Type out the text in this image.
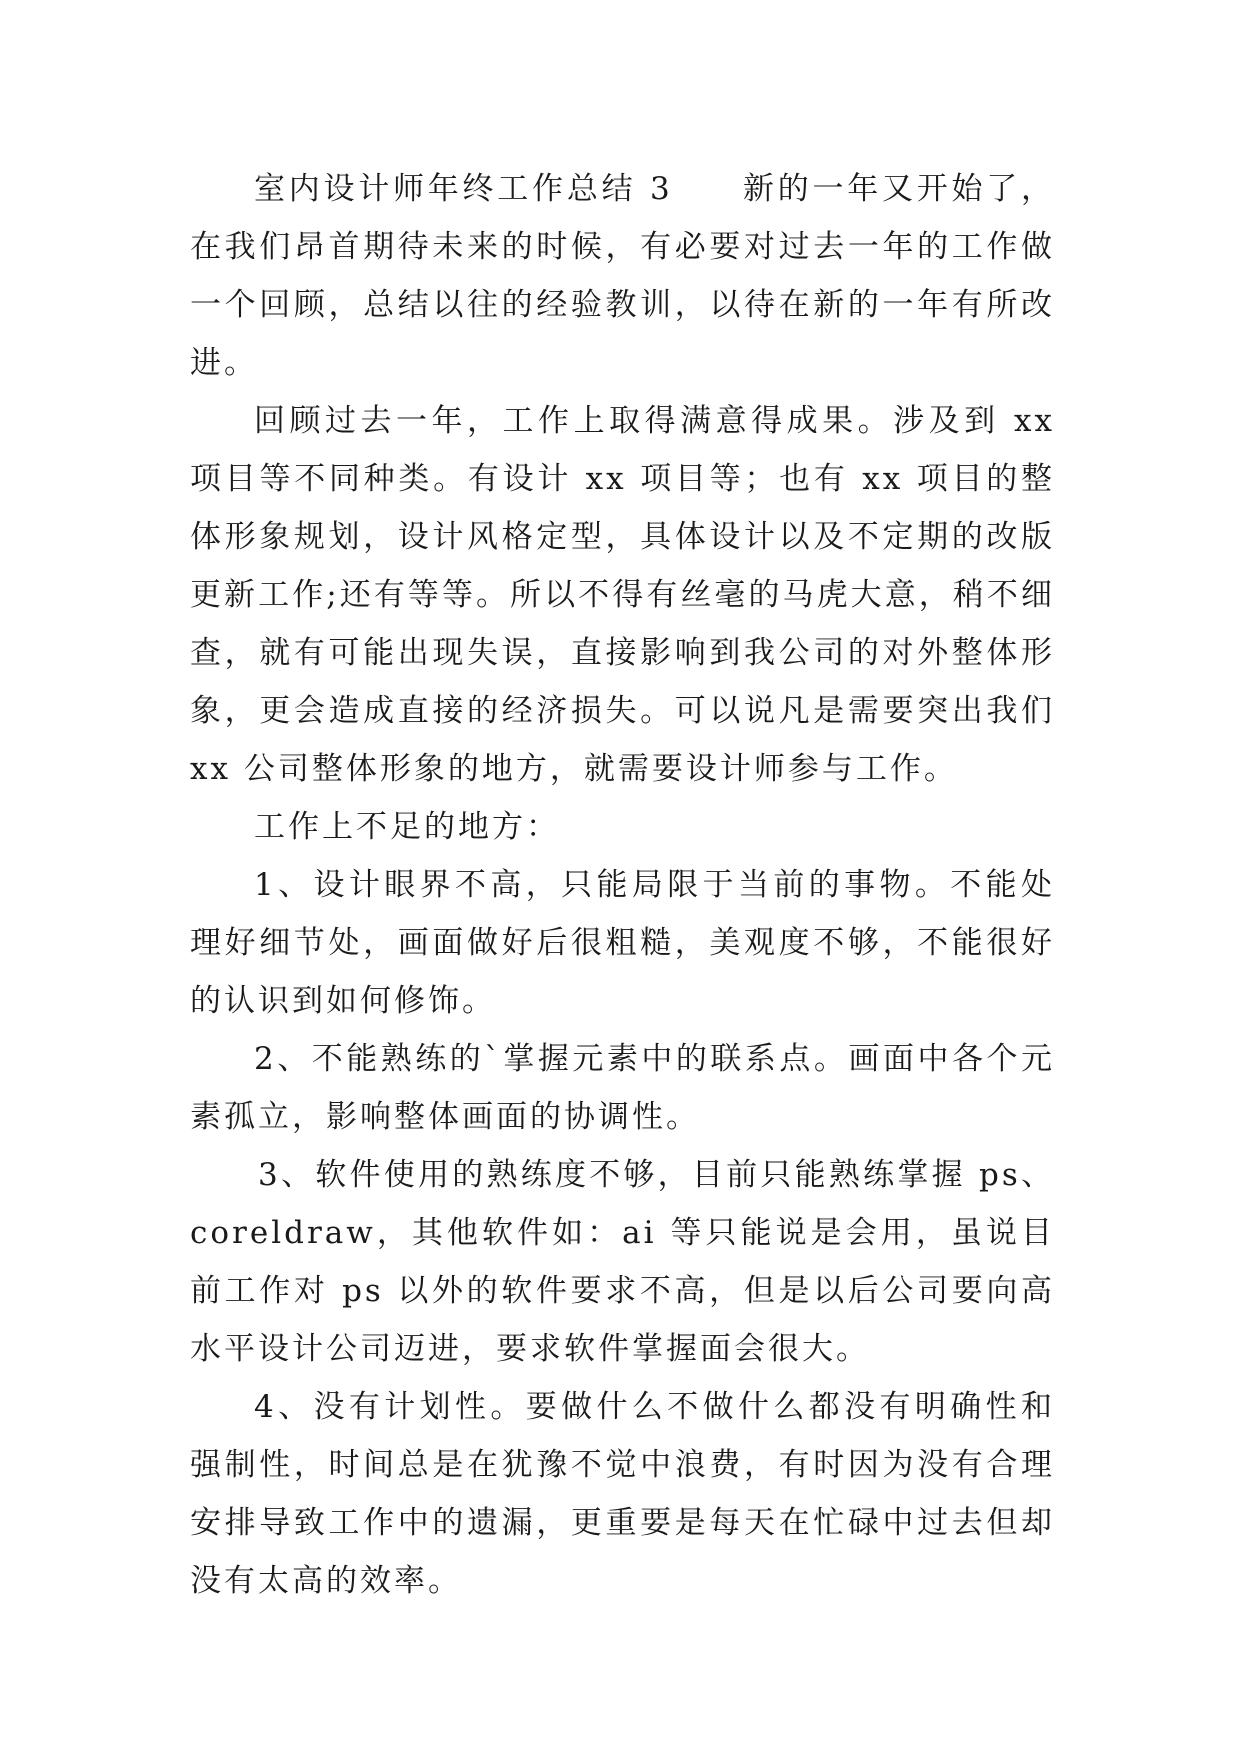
室内设计师年终工作总结 3　　新的一年又开始了，在我们昂首期待未来的时候，有必要对过去一年的工作做一个回顾，总结以往的经验教训，以待在新的一年有所改进。

回顾过去一年，工作上取得满意得成果。涉及到 xx 项目等不同种类。有设计 xx 项目等；也有 xx 项目的整体形象规划，设计风格定型，具体设计以及不定期的改版更新工作;还有等等。所以不得有丝毫的马虎大意，稍不细查，就有可能出现失误，直接影响到我公司的对外整体形象，更会造成直接的经济损失。可以说凡是需要突出我们 xx 公司整体形象的地方，就需要设计师参与工作。

工作上不足的地方：

1、设计眼界不高，只能局限于当前的事物。不能处理好细节处，画面做好后很粗糙，美观度不够，不能很好的认识到如何修饰。

2、不能熟练的`掌握元素中的联系点。画面中各个元素孤立，影响整体画面的协调性。

3、软件使用的熟练度不够，目前只能熟练掌握 ps、coreldraw，其他软件如：ai 等只能说是会用，虽说目前工作对 ps 以外的软件要求不高，但是以后公司要向高水平设计公司迈进，要求软件掌握面会很大。

4、没有计划性。要做什么不做什么都没有明确性和强制性，时间总是在犹豫不觉中浪费，有时因为没有合理安排导致工作中的遗漏，更重要是每天在忙碌中过去但却没有太高的效率。
